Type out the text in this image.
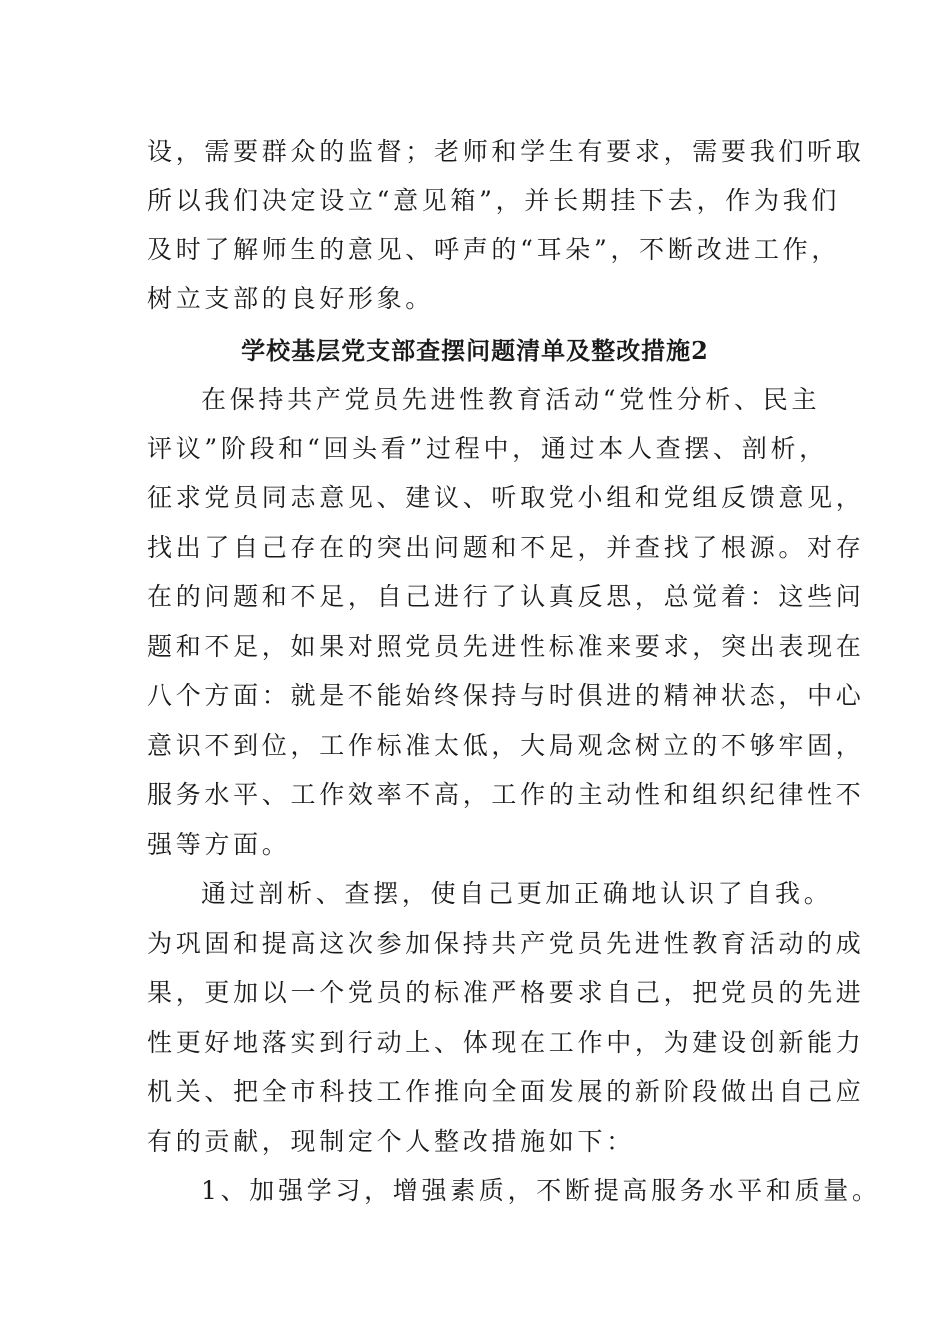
设，需要群众的监督；老师和学生有要求，需要我们听取
所以我们决定设立“意见箱”，并长期挂下去，作为我们
及时了解师生的意见、呼声的“耳朵”，不断改进工作，
树立支部的良好形象。
学校基层党支部查摆问题清单及整改措施2
在保持共产党员先进性教育活动“党性分析、民主
评议”阶段和“回头看”过程中，通过本人查摆、剖析，
征求党员同志意见、建议、听取党小组和党组反馈意见，
找出了自己存在的突出问题和不足，并查找了根源。对存
在的问题和不足，自己进行了认真反思，总觉着：这些问
题和不足，如果对照党员先进性标准来要求，突出表现在
八个方面：就是不能始终保持与时俱进的精神状态，中心
意识不到位，工作标准太低，大局观念树立的不够牢固，
服务水平、工作效率不高，工作的主动性和组织纪律性不
强等方面。
通过剖析、查摆，使自己更加正确地认识了自我。
为巩固和提高这次参加保持共产党员先进性教育活动的成
果，更加以一个党员的标准严格要求自己，把党员的先进
性更好地落实到行动上、体现在工作中，为建设创新能力
机关、把全市科技工作推向全面发展的新阶段做出自己应
有的贡献，现制定个人整改措施如下：
1、加强学习，增强素质，不断提高服务水平和质量。
